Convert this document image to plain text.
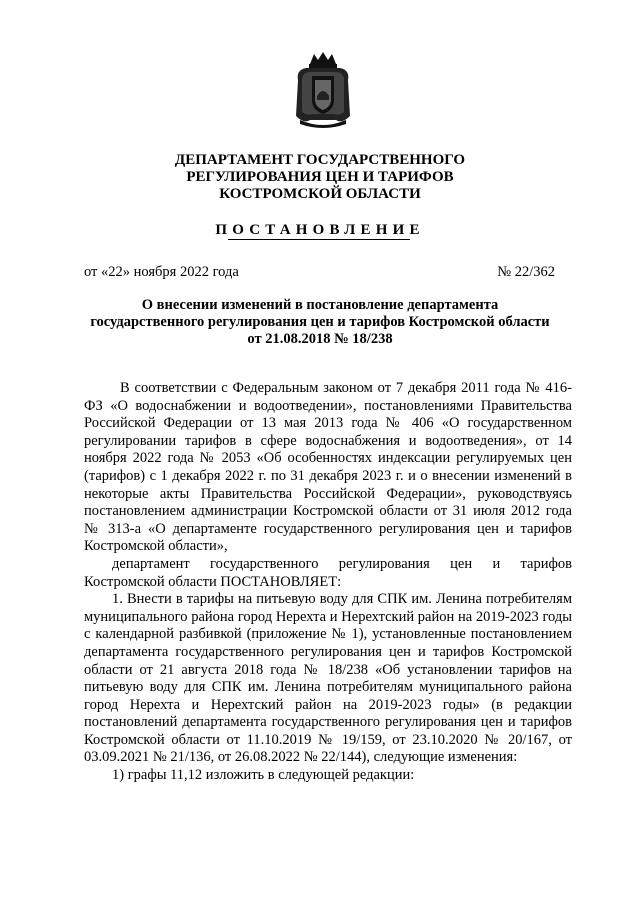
ДЕПАРТАМЕНТ ГОСУДАРСТВЕННОГО
РЕГУЛИРОВАНИЯ ЦЕН И ТАРИФОВ
КОСТРОМСКОЙ ОБЛАСТИ
ПОСТАНОВЛЕНИЕ
от «22» ноября 2022 года	№ 22/362
О внесении изменений в постановление департамента
государственного регулирования цен и тарифов Костромской области
от 21.08.2018 № 18/238

В соответствии с Федеральным законом от 7 декабря 2011 года № 416-ФЗ «О водоснабжении и водоотведении», постановлениями Правительства Российской Федерации от 13 мая 2013 года № 406 «О государственном регулировании тарифов в сфере водоснабжения и водоотведения», от 14 ноября 2022 года № 2053 «Об особенностях индексации регулируемых цен (тарифов) с 1 декабря 2022 г. по 31 декабря 2023 г. и о внесении изменений в некоторые акты Правительства Российской Федерации», руководствуясь постановлением администрации Костромской области от 31 июля 2012 года № 313-а «О департаменте государственного регулирования цен и тарифов Костромской области»,

департамент государственного регулирования цен и тарифов Костромской области ПОСТАНОВЛЯЕТ:

1. Внести в тарифы на питьевую воду для СПК им. Ленина потребителям муниципального района город Нерехта и Нерехтский район на 2019-2023 годы с календарной разбивкой (приложение № 1), установленные постановлением департамента государственного регулирования цен и тарифов Костромской области от 21 августа 2018 года № 18/238 «Об установлении тарифов на питьевую воду для СПК им. Ленина потребителям муниципального района город Нерехта и Нерехтский район на 2019-2023 годы» (в редакции постановлений департамента государственного регулирования цен и тарифов Костромской области от 11.10.2019 № 19/159, от 23.10.2020 № 20/167, от 03.09.2021 № 21/136, от 26.08.2022 № 22/144), следующие изменения:

1) графы 11,12 изложить в следующей редакции:
